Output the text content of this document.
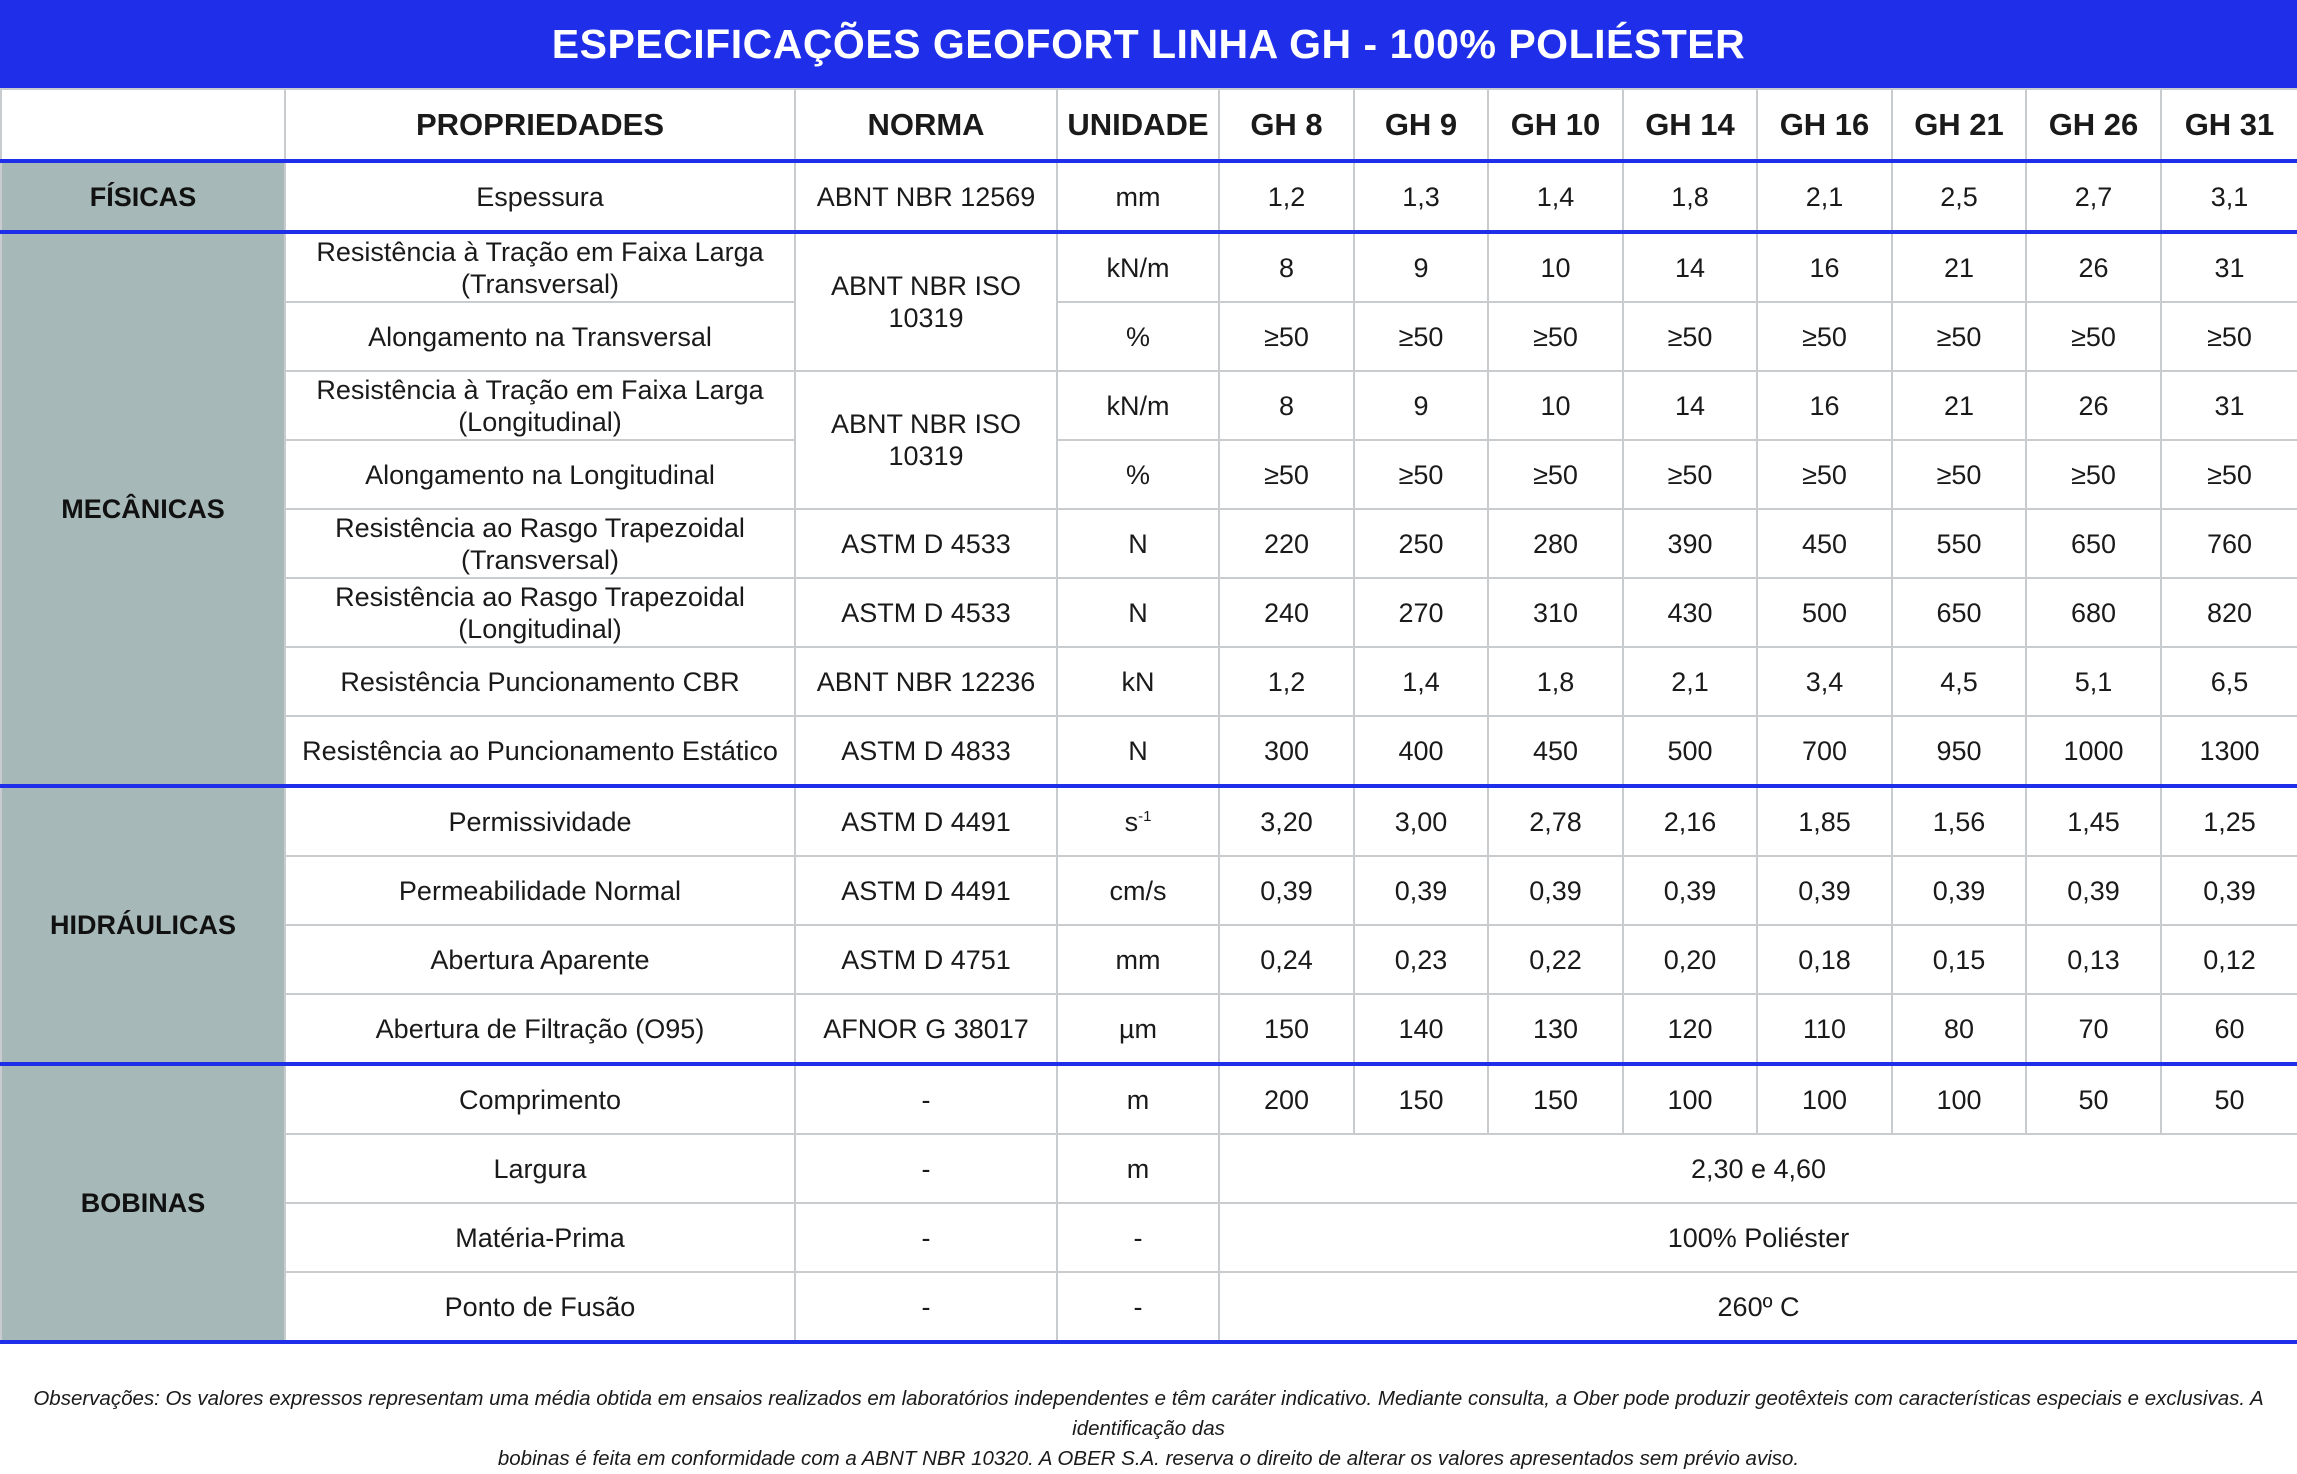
ESPECIFICAÇÕES GEOFORT LINHA GH - 100% POLIÉSTER
	PROPRIEDADES	NORMA	UNIDADE	GH 8	GH 9	GH 10	GH 14	GH 16	GH 21	GH 26	GH 31
FÍSICAS	Espessura	ABNT NBR 12569	mm	1,2	1,3	1,4	1,8	2,1	2,5	2,7	3,1
MECÂNICAS	Resistência à Tração em Faixa Larga (Transversal)	ABNT NBR ISO 10319	kN/m	8	9	10	14	16	21	26	31
	Alongamento na Transversal		%	≥50	≥50	≥50	≥50	≥50	≥50	≥50	≥50
	Resistência à Tração em Faixa Larga (Longitudinal)	ABNT NBR ISO 10319	kN/m	8	9	10	14	16	21	26	31
	Alongamento na Longitudinal		%	≥50	≥50	≥50	≥50	≥50	≥50	≥50	≥50
	Resistência ao Rasgo Trapezoidal (Transversal)	ASTM D 4533	N	220	250	280	390	450	550	650	760
	Resistência ao Rasgo Trapezoidal (Longitudinal)	ASTM D 4533	N	240	270	310	430	500	650	680	820
	Resistência Puncionamento CBR	ABNT NBR 12236	kN	1,2	1,4	1,8	2,1	3,4	4,5	5,1	6,5
	Resistência ao Puncionamento Estático	ASTM D 4833	N	300	400	450	500	700	950	1000	1300
HIDRÁULICAS	Permissividade	ASTM D 4491	$s^{-1}$	3,20	3,00	2,78	2,16	1,85	1,56	1,45	1,25
	Permeabilidade Normal	ASTM D 4491	cm/s	0,39	0,39	0,39	0,39	0,39	0,39	0,39	0,39
	Abertura Aparente	ASTM D 4751	mm	0,24	0,23	0,22	0,20	0,18	0,15	0,13	0,12
	Abertura de Filtração (O95)	AFNOR G 38017	µm	150	140	130	120	110	80	70	60
BOBINAS	Comprimento	-	m	200	150	150	100	100	100	50	50
	Largura	-	m	2,30 e 4,60							
	Matéria-Prima	-	-	100% Poliéster							
	Ponto de Fusão	-	-	260º C							
Observações: Os valores expressos representam uma média obtida em ensaios realizados em laboratórios independentes e têm caráter indicativo. Mediante consulta, a Ober pode produzir geotêxteis com características especiais e exclusivas. A identificação das
bobinas é feita em conformidade com a ABNT NBR 10320. A OBER S.A. reserva o direito de alterar os valores apresentados sem prévio aviso.
